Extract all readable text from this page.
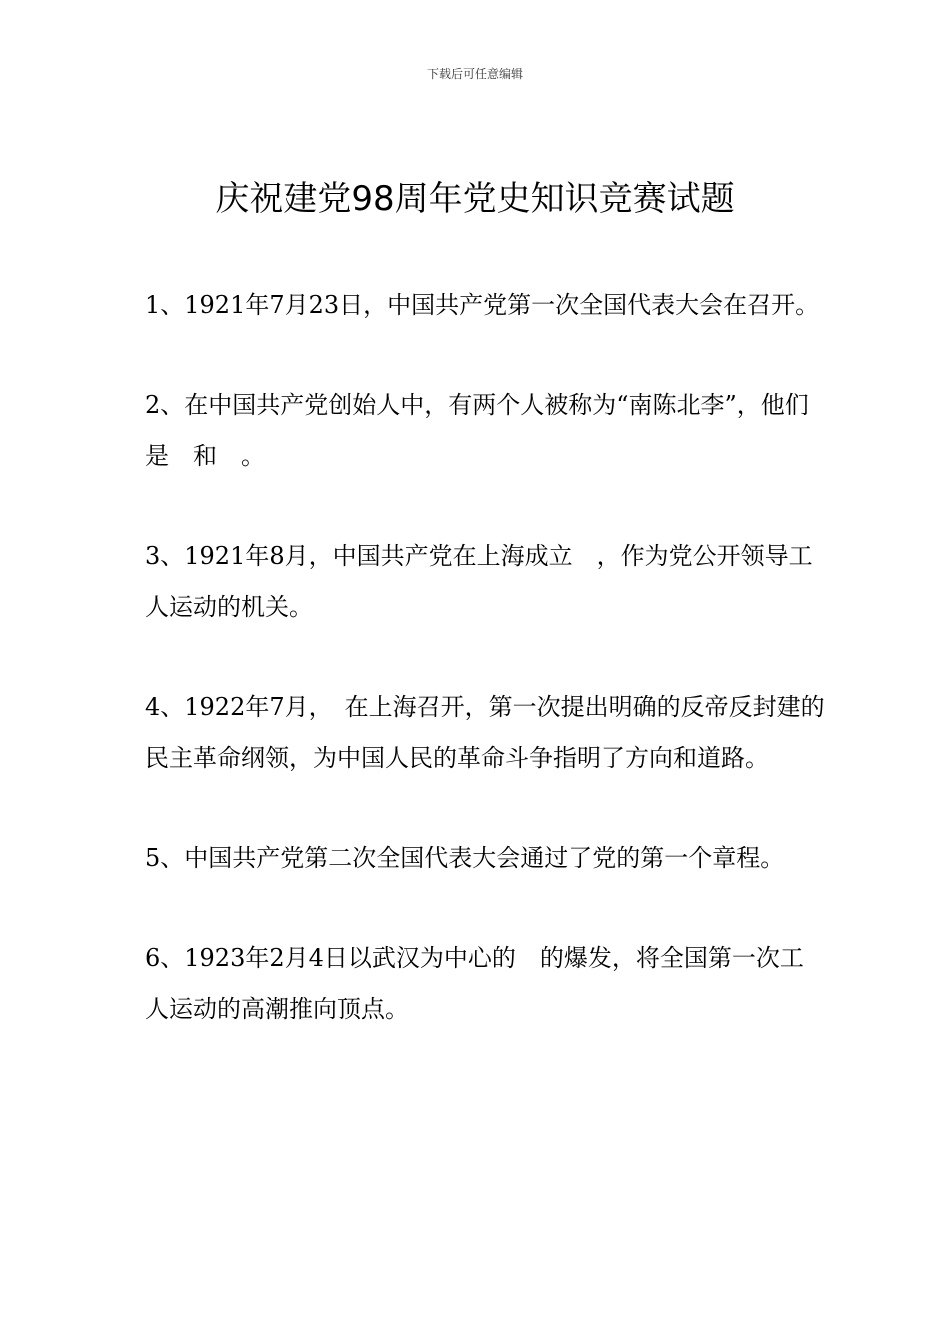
下载后可任意编辑
庆祝建党98周年党史知识竞赛试题
1、1921年7月23日，中国共产党第一次全国代表大会在召开。
2、在中国共产党创始人中，有两个人被称为“南陈北李”，他们是　和　。
3、1921年8月，中国共产党在上海成立　，作为党公开领导工人运动的机关。
4、1922年7月，　在上海召开，第一次提出明确的反帝反封建的民主革命纲领，为中国人民的革命斗争指明了方向和道路。
5、中国共产党第二次全国代表大会通过了党的第一个章程。
6、1923年2月4日以武汉为中心的　的爆发，将全国第一次工人运动的高潮推向顶点。
